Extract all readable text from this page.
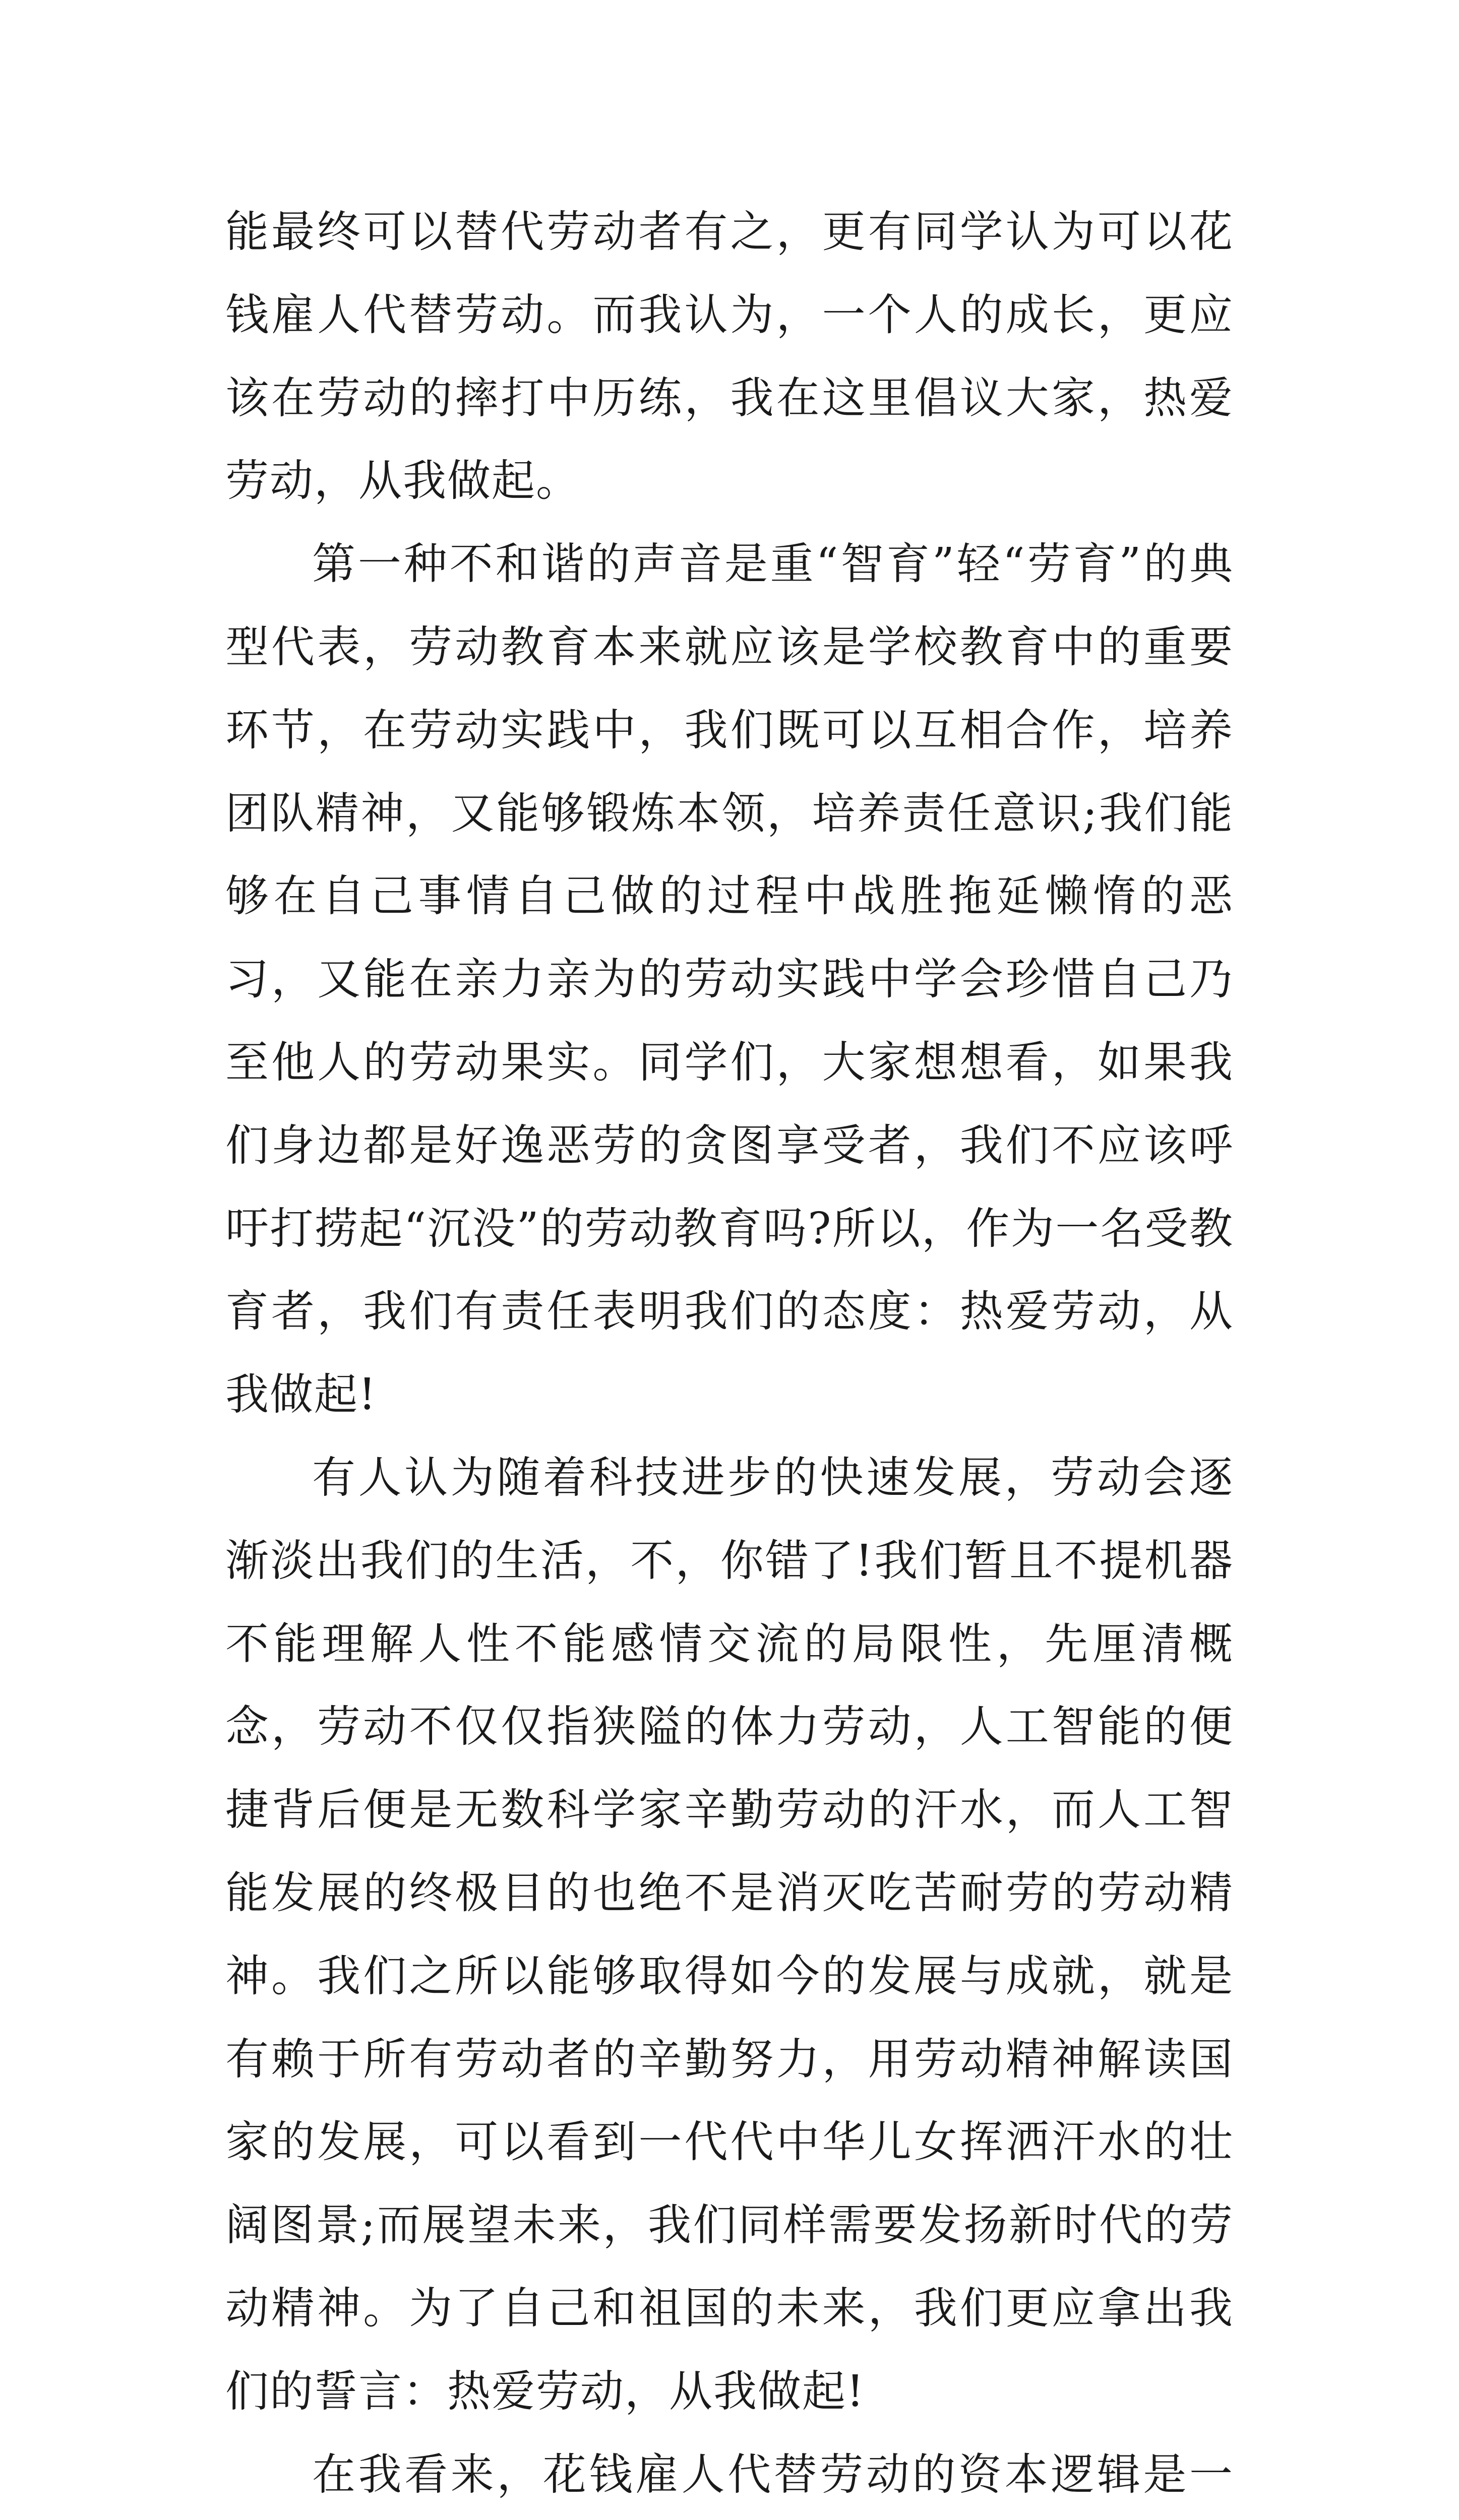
能最终可以替代劳动者有之，更有同学认为可以花钱雇人代替劳动。而我认为，一个人的成长，更应该在劳动的摔打中历练，我在这里倡议大家，热爱劳动，从我做起。

第一种不和谐的声音是重“智育”轻“劳育”的典型代表，劳动教育本来就应该是学校教育中的重要环节，在劳动实践中，我们既可以互相合作，培养团队精神，又能够锻炼本领，培养责任意识;我们能够在自己事情自己做的过程中战胜拖延懒惰的恶习，又能在亲力亲为的劳动实践中学会珍惜自己乃至他人的劳动果实。同学们，大家想想看，如果我们身边都是好逸恶劳的贪图享受者，我们不应该呼吁打捞起“沉没”的劳动教育吗?所以，作为一名受教育者，我们有责任表明我们的态度：热爱劳动，从我做起!

有人认为随着科技进步的快速发展，劳动会逐渐淡出我们的生活，不，你错了!我们暂且不提机器不能理解人性不能感情交流的局限性，先厘清概念，劳动不仅仅指狭隘的体力劳动，人工智能的便捷背后便是无数科学家辛勤劳动的汗水，而人工智能发展的终极目的也绝不是消灭吃苦耐劳的劳动精神。我们之所以能够取得如今的发展与成就，就是有赖于所有劳动者的辛勤努力，用劳动精神解读国家的发展，可以看到一代代中华儿女挥洒汗水的壮阔图景;而展望未来，我们同样需要发扬新时代的劳动精神。为了自己和祖国的未来，我们更应拿出我们的誓言：热爱劳动，从我做起!

在我看来，花钱雇人代替劳动的资本逻辑是一
